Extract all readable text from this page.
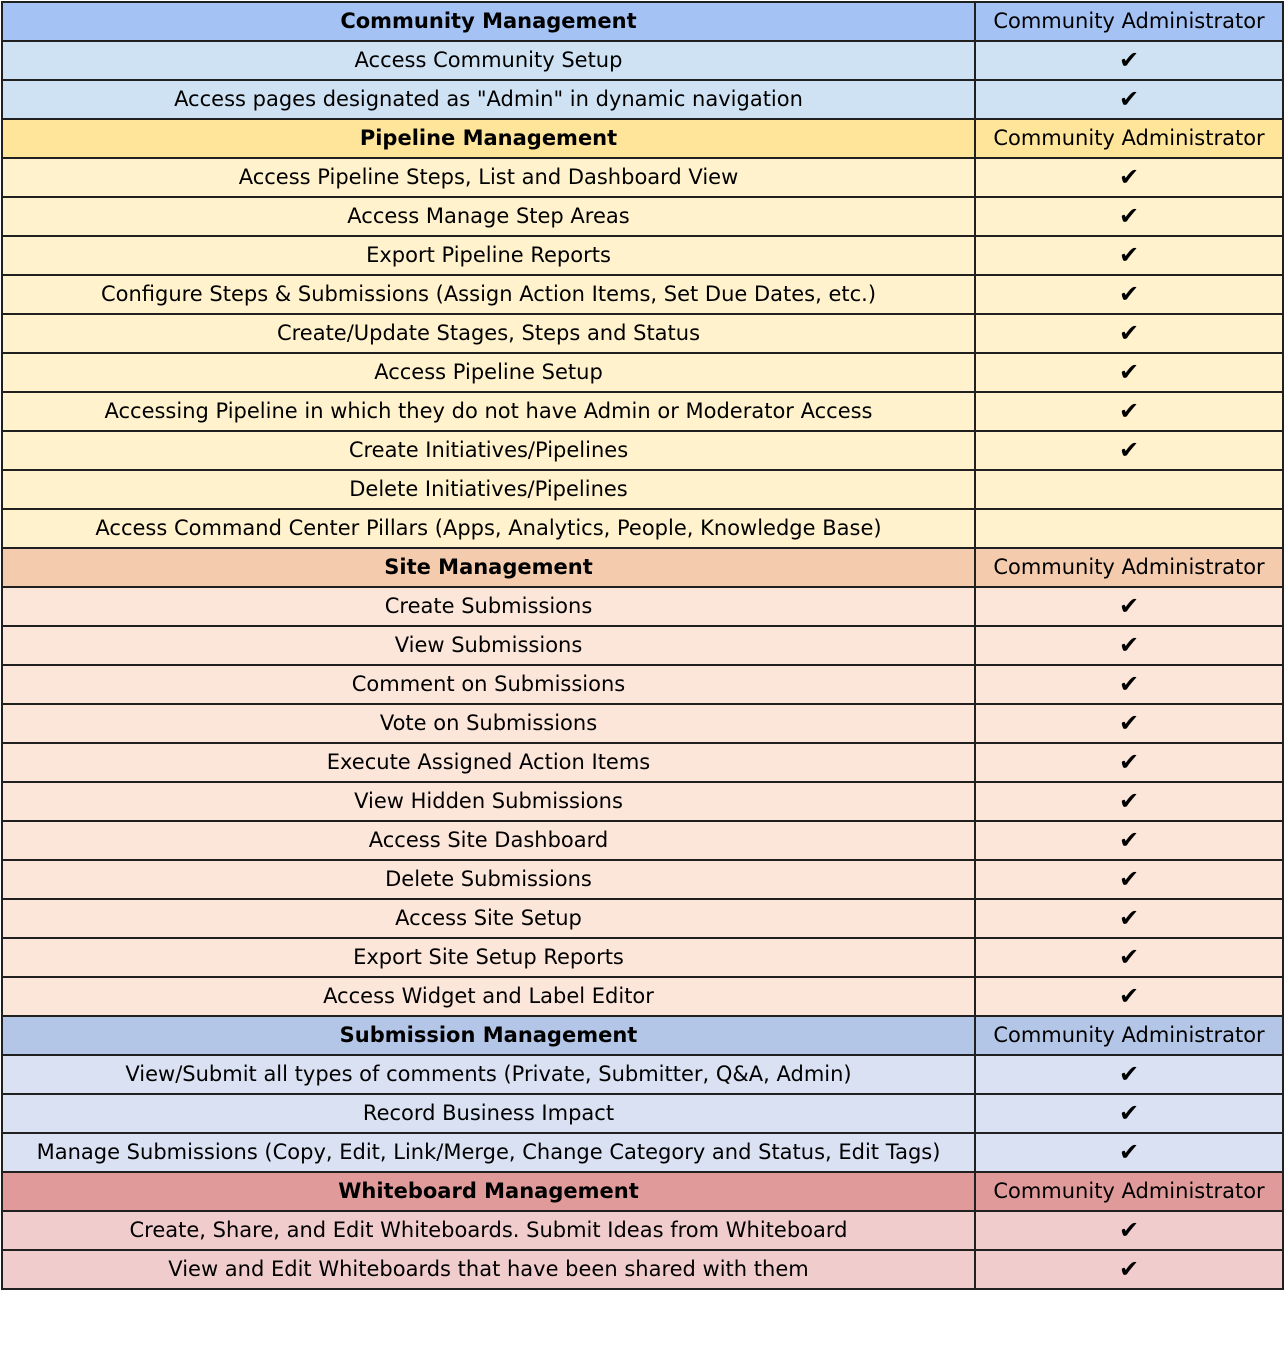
Community Management	Community Administrator
Access Community Setup	✔
Access pages designated as "Admin" in dynamic navigation	✔
Pipeline Management	Community Administrator
Access Pipeline Steps, List and Dashboard View	✔
Access Manage Step Areas	✔
Export Pipeline Reports	✔
Configure Steps & Submissions (Assign Action Items, Set Due Dates, etc.)	✔
Create/Update Stages, Steps and Status	✔
Access Pipeline Setup	✔
Accessing Pipeline in which they do not have Admin or Moderator Access	✔
Create Initiatives/Pipelines	✔
Delete Initiatives/Pipelines	
Access Command Center Pillars (Apps, Analytics, People, Knowledge Base)	
Site Management	Community Administrator
Create Submissions	✔
View Submissions	✔
Comment on Submissions	✔
Vote on Submissions	✔
Execute Assigned Action Items	✔
View Hidden Submissions	✔
Access Site Dashboard	✔
Delete Submissions	✔
Access Site Setup	✔
Export Site Setup Reports	✔
Access Widget and Label Editor	✔
Submission Management	Community Administrator
View/Submit all types of comments (Private, Submitter, Q&A, Admin)	✔
Record Business Impact	✔
Manage Submissions (Copy, Edit, Link/Merge, Change Category and Status, Edit Tags)	✔
Whiteboard Management	Community Administrator
Create, Share, and Edit Whiteboards. Submit Ideas from Whiteboard	✔
View and Edit Whiteboards that have been shared with them	✔
